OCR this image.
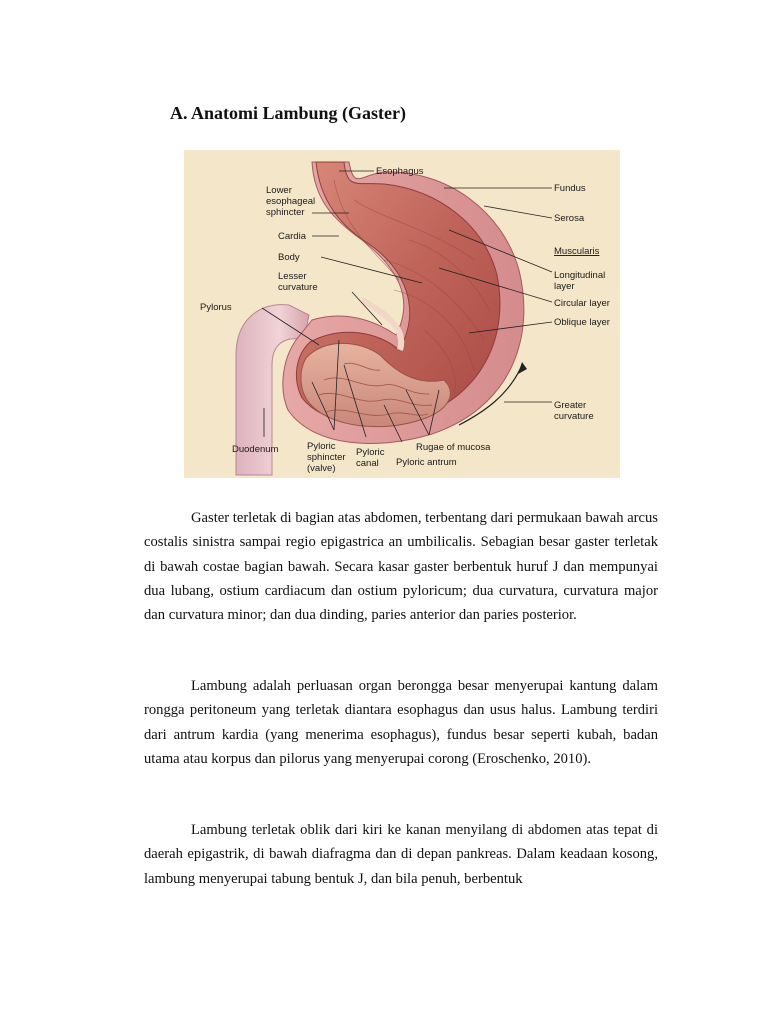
A. Anatomi Lambung (Gaster)
Esophagus
Lower
esophageal
sphincter
Cardia
Body
Lesser
curvature
Pylorus
Fundus
Serosa
Muscularis
Longitudinal
layer
Circular layer
Oblique layer
Greater
curvature
Duodenum	Pyloric
sphincter
(valve)
Pyloric
canal
Rugae of mucosa
Pyloric antrum

Gaster terletak di bagian atas abdomen, terbentang dari permukaan bawah arcus costalis sinistra sampai regio epigastrica an umbilicalis. Sebagian besar gaster terletak di bawah costae bagian bawah. Secara kasar gaster berbentuk huruf J dan mempunyai dua lubang, ostium cardiacum dan ostium pyloricum; dua curvatura, curvatura major dan curvatura minor; dan dua dinding, paries anterior dan paries posterior.

Lambung adalah perluasan organ berongga besar menyerupai kantung dalam rongga peritoneum yang terletak diantara esophagus dan usus halus. Lambung terdiri dari antrum kardia (yang menerima esophagus), fundus besar seperti kubah, badan utama atau korpus dan pilorus yang menyerupai corong (Eroschenko, 2010).

Lambung terletak oblik dari kiri ke kanan menyilang di abdomen atas tepat di daerah epigastrik, di bawah diafragma dan di depan pankreas. Dalam keadaan kosong, lambung menyerupai tabung bentuk J, dan bila penuh, berbentuk
